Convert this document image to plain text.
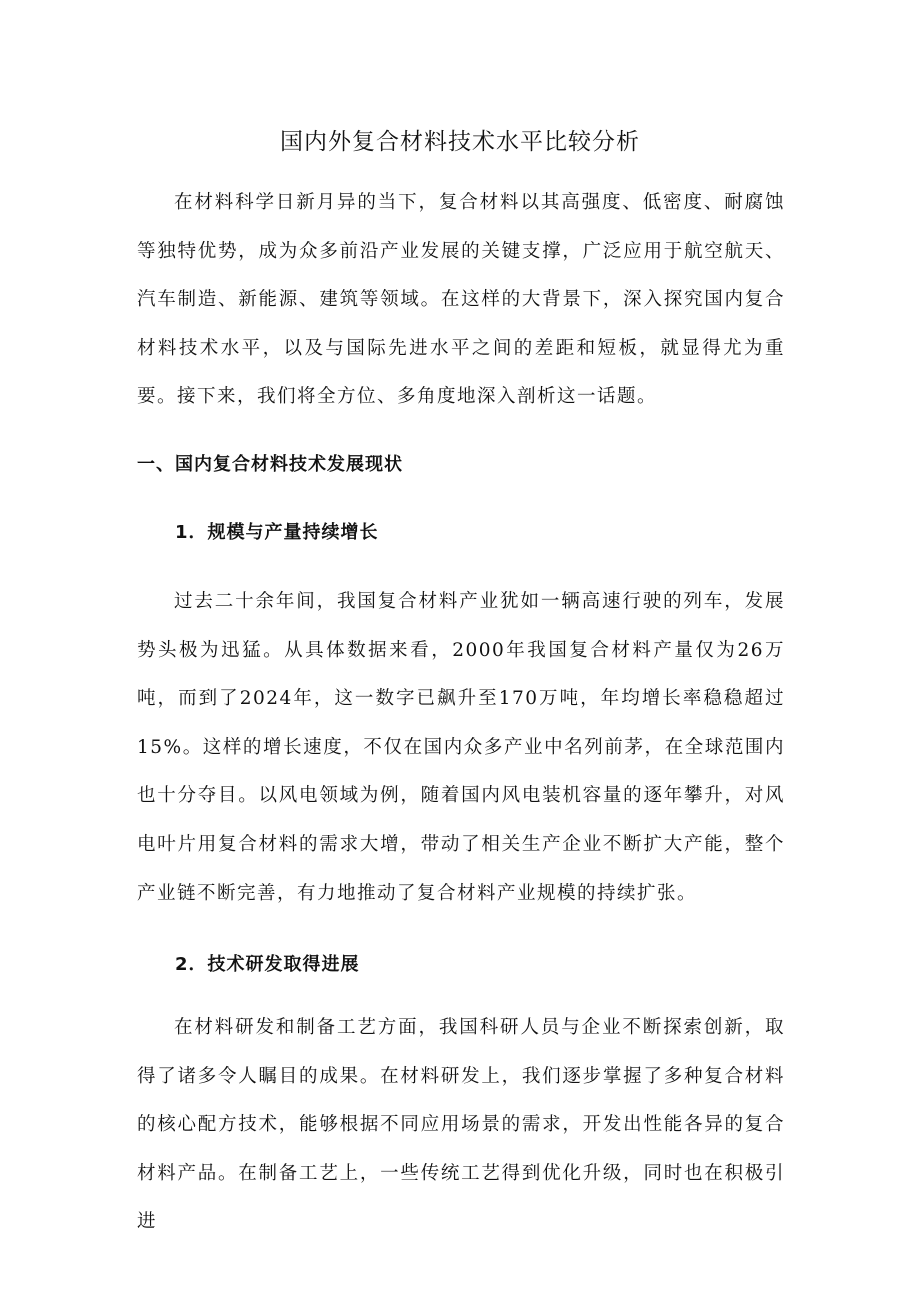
国内外复合材料技术水平比较分析

在材料科学日新月异的当下，复合材料以其高强度、低密度、耐腐蚀等独特优势，成为众多前沿产业发展的关键支撑，广泛应用于航空航天、汽车制造、新能源、建筑等领域。在这样的大背景下，深入探究国内复合材料技术水平，以及与国际先进水平之间的差距和短板，就显得尤为重要。接下来，我们将全方位、多角度地深入剖析这一话题。

一、国内复合材料技术发展现状
1．规模与产量持续增长

过去二十余年间，我国复合材料产业犹如一辆高速行驶的列车，发展势头极为迅猛。从具体数据来看，2000年我国复合材料产量仅为26万吨，而到了2024年，这一数字已飙升至170万吨，年均增长率稳稳超过15%。这样的增长速度，不仅在国内众多产业中名列前茅，在全球范围内也十分夺目。以风电领域为例，随着国内风电装机容量的逐年攀升，对风电叶片用复合材料的需求大增，带动了相关生产企业不断扩大产能，整个产业链不断完善，有力地推动了复合材料产业规模的持续扩张。

2．技术研发取得进展

在材料研发和制备工艺方面，我国科研人员与企业不断探索创新，取得了诸多令人瞩目的成果。在材料研发上，我们逐步掌握了多种复合材料的核心配方技术，能够根据不同应用场景的需求，开发出性能各异的复合材料产品。在制备工艺上，一些传统工艺得到优化升级，同时也在积极引进
